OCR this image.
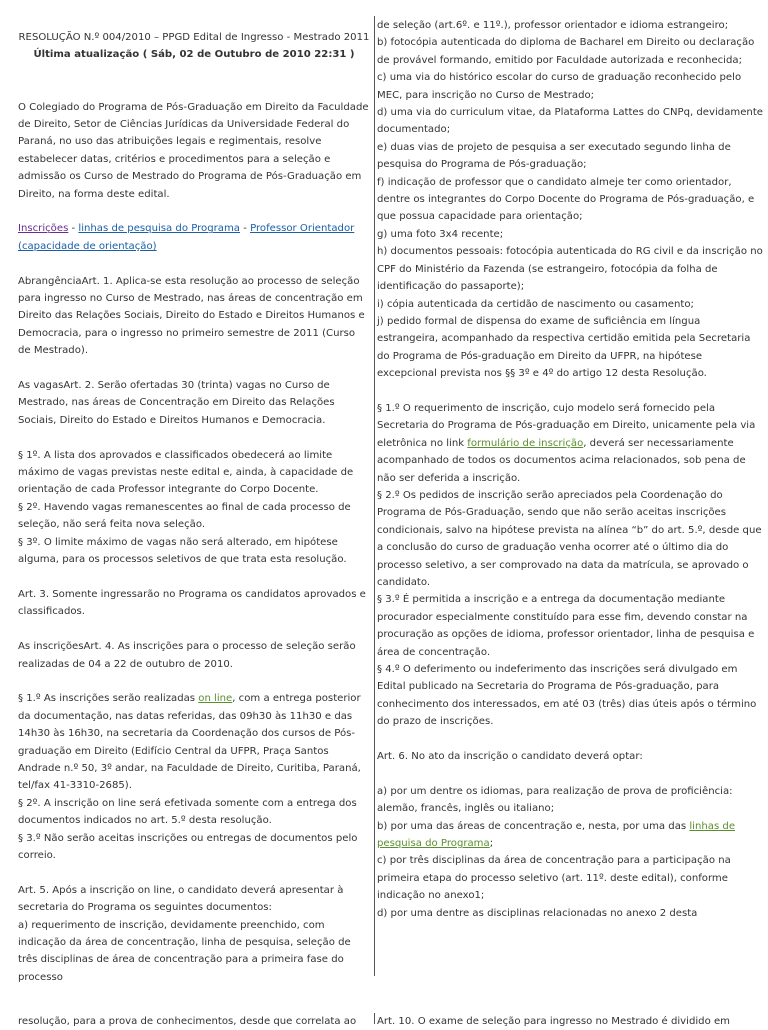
RESOLUÇÃO N.º 004/2010 – PPGD Edital de Ingresso - Mestrado 2011
Última atualização ( Sáb, 02 de Outubro de 2010 22:31 )

O Colegiado do Programa de Pós-Graduação em Direito da Faculdade de Direito, Setor de Ciências Jurídicas da Universidade Federal do Paraná, no uso das atribuições legais e regimentais, resolve estabelecer datas, critérios e procedimentos para a seleção e admissão os Curso de Mestrado do Programa de Pós-Graduação em Direito, na forma deste edital.

Inscrições - linhas de pesquisa do Programa - Professor Orientador (capacidade de orientação)

AbrangênciaArt. 1. Aplica-se esta resolução ao processo de seleção para ingresso no Curso de Mestrado, nas áreas de concentração em Direito das Relações Sociais, Direito do Estado e Direitos Humanos e Democracia, para o ingresso no primeiro semestre de 2011 (Curso de Mestrado).

As vagasArt. 2. Serão ofertadas 30 (trinta) vagas no Curso de Mestrado, nas áreas de Concentração em Direito das Relações Sociais, Direito do Estado e Direitos Humanos e Democracia.

§ 1º. A lista dos aprovados e classificados obedecerá ao limite máximo de vagas previstas neste edital e, ainda, à capacidade de orientação de cada Professor integrante do Corpo Docente.

§ 2º. Havendo vagas remanescentes ao final de cada processo de seleção, não será feita nova seleção.

§ 3º. O limite máximo de vagas não será alterado, em hipótese alguma, para os processos seletivos de que trata esta resolução.

Art. 3. Somente ingressarão no Programa os candidatos aprovados e classificados.

As inscriçõesArt. 4. As inscrições para o processo de seleção serão realizadas de 04 a 22 de outubro de 2010.

§ 1.º As inscrições serão realizadas on line, com a entrega posterior da documentação, nas datas referidas, das 09h30 às 11h30 e das 14h30 às 16h30, na secretaria da Coordenação dos cursos de Pós-graduação em Direito (Edifício Central da UFPR, Praça Santos Andrade n.º 50, 3º andar, na Faculdade de Direito, Curitiba, Paraná, tel/fax 41-3310-2685).

§ 2º. A inscrição on line será efetivada somente com a entrega dos documentos indicados no art. 5.º desta resolução.

§ 3.º Não serão aceitas inscrições ou entregas de documentos pelo correio.

Art. 5. Após a inscrição on line, o candidato deverá apresentar à secretaria do Programa os seguintes documentos:

a) requerimento de inscrição, devidamente preenchido, com indicação da área de concentração, linha de pesquisa, seleção de três disciplinas de área de concentração para a primeira fase do processo

de seleção (art.6º. e 11º.), professor orientador e idioma estrangeiro;

b) fotocópia autenticada do diploma de Bacharel em Direito ou declaração de provável formando, emitido por Faculdade autorizada e reconhecida;

c) uma via do histórico escolar do curso de graduação reconhecido pelo MEC, para inscrição no Curso de Mestrado;

d) uma via do curriculum vitae, da Plataforma Lattes do CNPq, devidamente documentado;

e) duas vias de projeto de pesquisa a ser executado segundo linha de pesquisa do Programa de Pós-graduação;

f) indicação de professor que o candidato almeje ter como orientador, dentre os integrantes do Corpo Docente do Programa de Pós-graduação, e que possua capacidade para orientação;

g) uma foto 3x4 recente;

h) documentos pessoais: fotocópia autenticada do RG civil e da inscrição no CPF do Ministério da Fazenda (se estrangeiro, fotocópia da folha de identificação do passaporte);

i) cópia autenticada da certidão de nascimento ou casamento;

j) pedido formal de dispensa do exame de suficiência em língua estrangeira, acompanhado da respectiva certidão emitida pela Secretaria do Programa de Pós-graduação em Direito da UFPR, na hipótese excepcional prevista nos §§ 3º e 4º do artigo 12 desta Resolução.

§ 1.º O requerimento de inscrição, cujo modelo será fornecido pela Secretaria do Programa de Pós-graduação em Direito, unicamente pela via eletrônica no link formulário de inscrição, deverá ser necessariamente acompanhado de todos os documentos acima relacionados, sob pena de não ser deferida a inscrição.

§ 2.º Os pedidos de inscrição serão apreciados pela Coordenação do Programa de Pós-Graduação, sendo que não serão aceitas inscrições condicionais, salvo na hipótese prevista na alínea “b” do art. 5.º, desde que a conclusão do curso de graduação venha ocorrer até o último dia do processo seletivo, a ser comprovado na data da matrícula, se aprovado o candidato.

§ 3.º É permitida a inscrição e a entrega da documentação mediante procurador especialmente constituído para esse fim, devendo constar na procuração as opções de idioma, professor orientador, linha de pesquisa e área de concentração.

§ 4.º O deferimento ou indeferimento das inscrições será divulgado em Edital publicado na Secretaria do Programa de Pós-graduação, para conhecimento dos interessados, em até 03 (três) dias úteis após o término do prazo de inscrições.

Art. 6. No ato da inscrição o candidato deverá optar:

a) por um dentre os idiomas, para realização de prova de proficiência: alemão, francês, inglês ou italiano;

b) por uma das áreas de concentração e, nesta, por uma das linhas de pesquisa do Programa;

c) por três disciplinas da área de concentração para a participação na primeira etapa do processo seletivo (art. 11º. deste edital), conforme indicação no anexo1;

d) por uma dentre as disciplinas relacionadas no anexo 2 desta

resolução, para a prova de conhecimentos, desde que correlata ao	Art. 10. O exame de seleção para ingresso no Mestrado é dividido em
